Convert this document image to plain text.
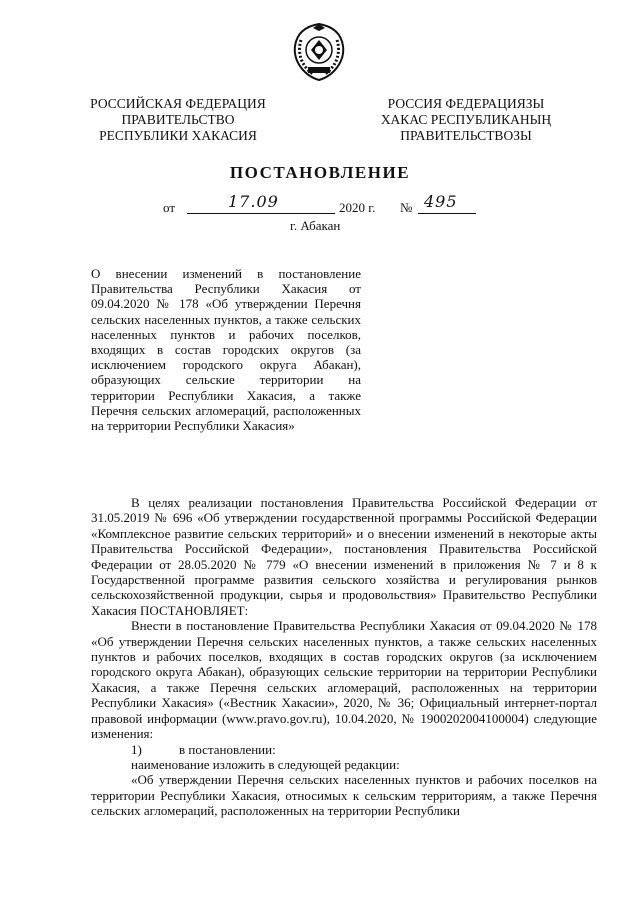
РОССИЙСКАЯ ФЕДЕРАЦИЯ
ПРАВИТЕЛЬСТВО
РЕСПУБЛИКИ ХАКАСИЯ
РОССИЯ ФЕДЕРАЦИЯЗЫ
ХАКАС РЕСПУБЛИКАНЫҢ
ПРАВИТЕЛЬСТВОЗЫ
ПОСТАНОВЛЕНИЕ
от	17.09	2020 г. № 495
г. Абакан
О внесении изменений в постановление Правительства Республики Хакасия от 09.04.2020 № 178 «Об утверждении Перечня сельских населенных пунктов, а также сельских населенных пунктов и рабочих поселков, входящих в состав городских округов (за исключением городского округа Абакан), образующих сельские территории на территории Республики Хакасия, а также Перечня сельских агломераций, расположенных на территории Республики Хакасия»

В целях реализации постановления Правительства Российской Федерации от 31.05.2019 № 696 «Об утверждении государственной программы Российской Федерации «Комплексное развитие сельских территорий» и о внесении изменений в некоторые акты Правительства Российской Федерации», постановления Правительства Российской Федерации от 28.05.2020 № 779 «О внесении изменений в приложения № 7 и 8 к Государственной программе развития сельского хозяйства и регулирования рынков сельскохозяйственной продукции, сырья и продовольствия» Правительство Республики Хакасия ПОСТАНОВЛЯЕТ:

Внести в постановление Правительства Республики Хакасия от 09.04.2020 № 178 «Об утверждении Перечня сельских населенных пунктов, а также сельских населенных пунктов и рабочих поселков, входящих в состав городских округов (за исключением городского округа Абакан), образующих сельские территории на территории Республики Хакасия, а также Перечня сельских агломераций, расположенных на территории Республики Хакасия» («Вестник Хакасии», 2020, № 36; Официальный интернет-портал правовой информации (www.pravo.gov.ru), 10.04.2020, № 1900202004100004) следующие изменения:

1)	в постановлении:

наименование изложить в следующей редакции:

«Об утверждении Перечня сельских населенных пунктов и рабочих поселков на территории Республики Хакасия, относимых к сельским территориям, а также Перечня сельских агломераций, расположенных на территории Республики
